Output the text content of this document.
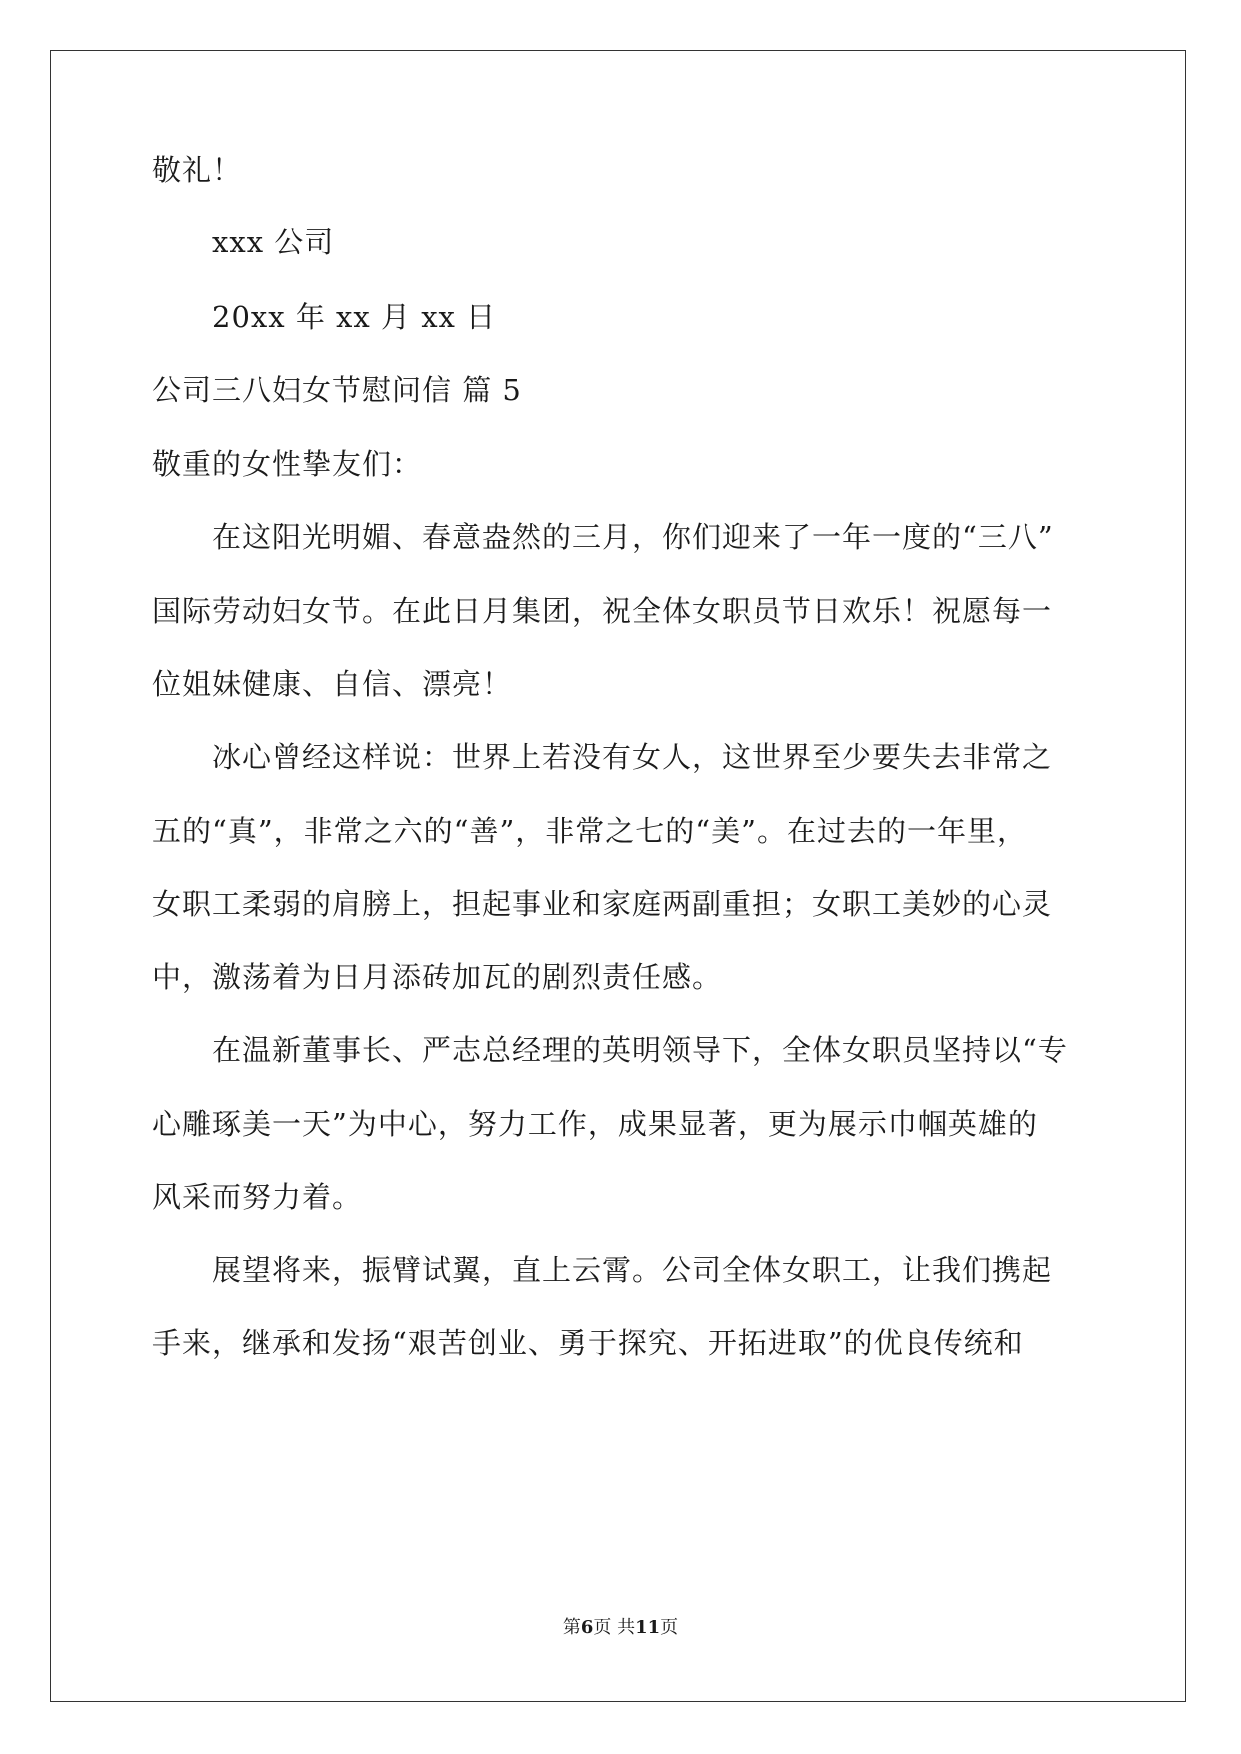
敬礼！
xxx 公司
20xx 年 xx 月 xx 日
公司三八妇女节慰问信 篇 5
敬重的女性挚友们：
在这阳光明媚、春意盎然的三月，你们迎来了一年一度的“三八”
国际劳动妇女节。在此日月集团，祝全体女职员节日欢乐！祝愿每一
位姐妹健康、自信、漂亮！
冰心曾经这样说：世界上若没有女人，这世界至少要失去非常之
五的“真”，非常之六的“善”，非常之七的“美”。在过去的一年里，
女职工柔弱的肩膀上，担起事业和家庭两副重担；女职工美妙的心灵
中，激荡着为日月添砖加瓦的剧烈责任感。
在温新董事长、严志总经理的英明领导下，全体女职员坚持以“专
心雕琢美一天”为中心，努力工作，成果显著，更为展示巾帼英雄的
风采而努力着。
展望将来，振臂试翼，直上云霄。公司全体女职工，让我们携起
手来，继承和发扬“艰苦创业、勇于探究、开拓进取”的优良传统和
第6页 共11页
